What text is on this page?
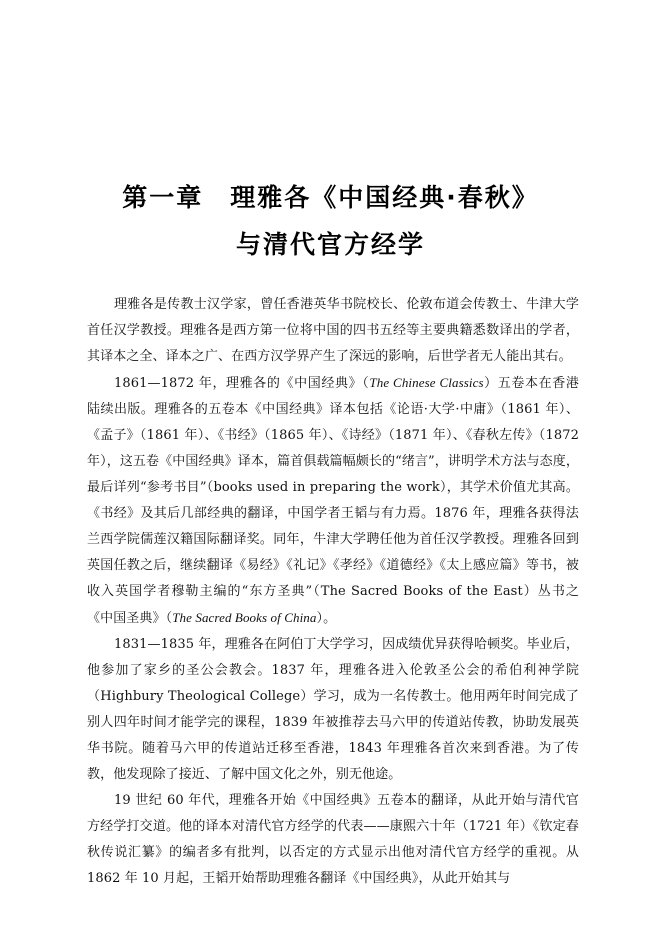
第一章　理雅各《中国经典·春秋》
与清代官方经学

理雅各是传教士汉学家，曾任香港英华书院校长、伦敦布道会传教士、牛津大学首任汉学教授。理雅各是西方第一位将中国的四书五经等主要典籍悉数译出的学者，其译本之全、译本之广、在西方汉学界产生了深远的影响，后世学者无人能出其右。

1861—1872 年，理雅各的《中国经典》（The Chinese Classics）五卷本在香港陆续出版。理雅各的五卷本《中国经典》译本包括《论语·大学·中庸》（1861 年）、《孟子》（1861 年）、《书经》（1865 年）、《诗经》（1871 年）、《春秋左传》（1872 年），这五卷《中国经典》译本，篇首俱载篇幅颇长的“绪言”，讲明学术方法与态度，最后详列“参考书目”（books used in preparing the work），其学术价值尤其高。《书经》及其后几部经典的翻译，中国学者王韬与有力焉。1876 年，理雅各获得法兰西学院儒莲汉籍国际翻译奖。同年，牛津大学聘任他为首任汉学教授。理雅各回到英国任教之后，继续翻译《易经》《礼记》《孝经》《道德经》《太上感应篇》等书，被收入英国学者穆勒主编的“东方圣典”（The Sacred Books of the East）丛书之《中国圣典》（The Sacred Books of China）。

1831—1835 年，理雅各在阿伯丁大学学习，因成绩优异获得哈顿奖。毕业后，他参加了家乡的圣公会教会。1837 年，理雅各进入伦敦圣公会的希伯利神学院（Highbury Theological College）学习，成为一名传教士。他用两年时间完成了别人四年时间才能学完的课程，1839 年被推荐去马六甲的传道站传教，协助发展英华书院。随着马六甲的传道站迁移至香港，1843 年理雅各首次来到香港。为了传教，他发现除了接近、了解中国文化之外，别无他途。

19 世纪 60 年代，理雅各开始《中国经典》五卷本的翻译，从此开始与清代官方经学打交道。他的译本对清代官方经学的代表——康熙六十年（1721 年）《钦定春秋传说汇纂》的编者多有批判，以否定的方式显示出他对清代官方经学的重视。从 1862 年 10 月起，王韬开始帮助理雅各翻译《中国经典》，从此开始其与
